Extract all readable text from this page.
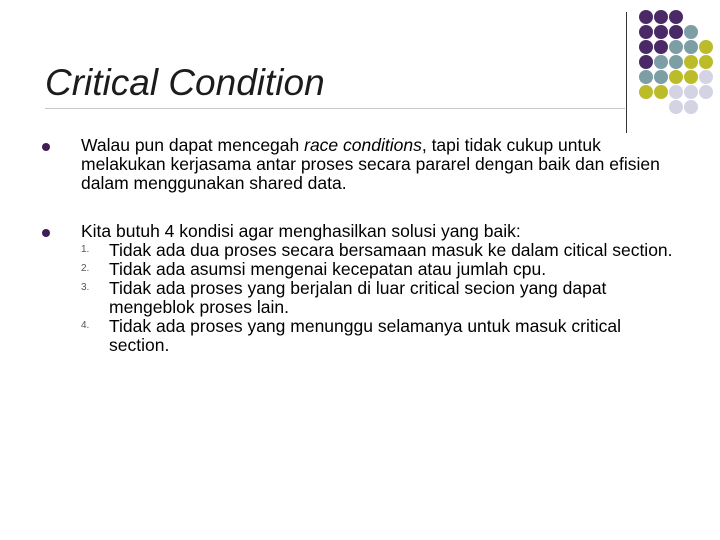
Critical Condition
Walau pun dapat mencegah race conditions, tapi tidak cukup untuk melakukan kerjasama antar proses secara pararel dengan baik dan efisien dalam menggunakan shared data.
Kita butuh 4 kondisi agar menghasilkan solusi yang baik:
1. Tidak ada dua proses secara bersamaan masuk ke dalam citical section.
2. Tidak ada asumsi mengenai kecepatan atau jumlah cpu.
3. Tidak ada proses yang berjalan di luar critical secion yang dapat mengeblok proses lain.
4. Tidak ada proses yang menunggu selamanya untuk masuk critical section.
